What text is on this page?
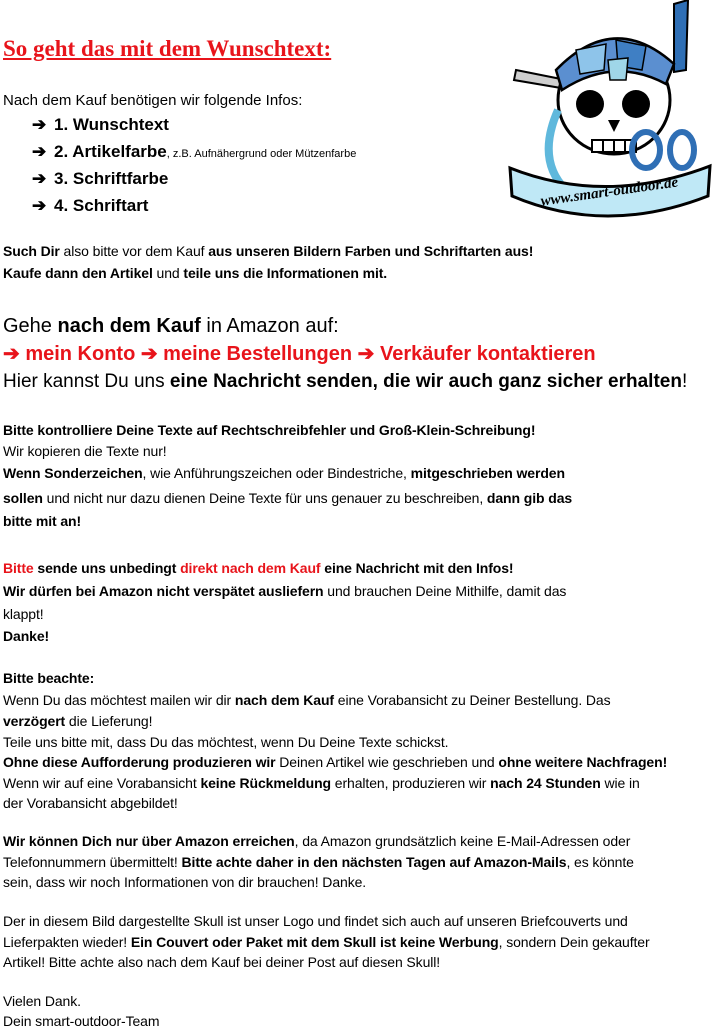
So geht das mit dem Wunschtext:
www.smart-outdoor.de
Nach dem Kauf benötigen wir folgende Infos:
➔ 1. Wunschtext
➔ 2. Artikelfarbe, z.B. Aufnähergrund oder Mützenfarbe
➔ 3. Schriftfarbe
➔ 4. Schriftart
Such Dir also bitte vor dem Kauf aus unseren Bildern Farben und Schriftarten aus!
Kaufe dann den Artikel und teile uns die Informationen mit.
Gehe nach dem Kauf in Amazon auf:
➔ mein Konto ➔ meine Bestellungen ➔ Verkäufer kontaktieren
Hier kannst Du uns eine Nachricht senden, die wir auch ganz sicher erhalten!
Bitte kontrolliere Deine Texte auf Rechtschreibfehler und Groß-Klein-Schreibung!
Wir kopieren die Texte nur!
Wenn Sonderzeichen, wie Anführungszeichen oder Bindestriche, mitgeschrieben werden
sollen und nicht nur dazu dienen Deine Texte für uns genauer zu beschreiben, dann gib das
bitte mit an!
Bitte sende uns unbedingt direkt nach dem Kauf eine Nachricht mit den Infos!
Wir dürfen bei Amazon nicht verspätet ausliefern und brauchen Deine Mithilfe, damit das
klappt!
Danke!
Bitte beachte:
Wenn Du das möchtest mailen wir dir nach dem Kauf eine Vorabansicht zu Deiner Bestellung. Das
verzögert die Lieferung!
Teile uns bitte mit, dass Du das möchtest, wenn Du Deine Texte schickst.
Ohne diese Aufforderung produzieren wir Deinen Artikel wie geschrieben und ohne weitere Nachfragen!
Wenn wir auf eine Vorabansicht keine Rückmeldung erhalten, produzieren wir nach 24 Stunden wie in
der Vorabansicht abgebildet!
Wir können Dich nur über Amazon erreichen, da Amazon grundsätzlich keine E-Mail-Adressen oder
Telefonnummern übermittelt! Bitte achte daher in den nächsten Tagen auf Amazon-Mails, es könnte
sein, dass wir noch Informationen von dir brauchen! Danke.
Der in diesem Bild dargestellte Skull ist unser Logo und findet sich auch auf unseren Briefcouverts und
Lieferpakten wieder! Ein Couvert oder Paket mit dem Skull ist keine Werbung, sondern Dein gekaufter
Artikel! Bitte achte also nach dem Kauf bei deiner Post auf diesen Skull!
Vielen Dank.
Dein smart-outdoor-Team
